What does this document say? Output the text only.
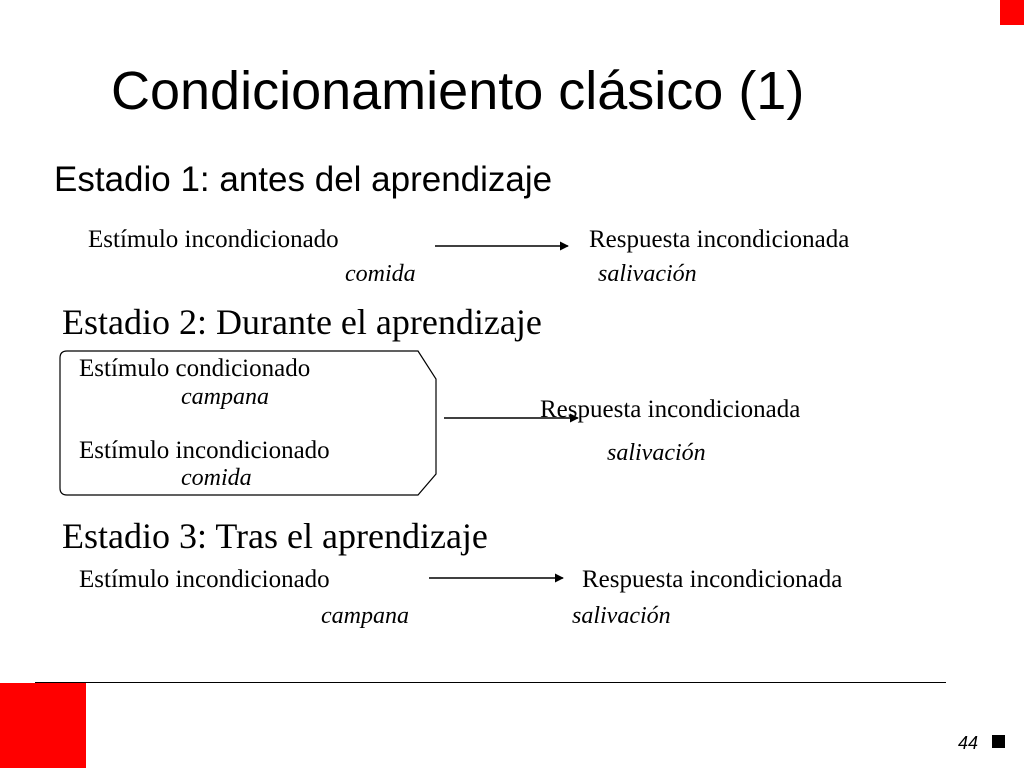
Condicionamiento clásico (1)
Estadio 1: antes del aprendizaje
Estímulo incondicionado
comida
Respuesta incondicionada
salivación
Estadio 2: Durante el aprendizaje
Estímulo condicionado
campana
Estímulo incondicionado
comida
Respuesta incondicionada
salivación
Estadio 3: Tras el aprendizaje
Estímulo incondicionado
campana
Respuesta incondicionada
salivación
44
